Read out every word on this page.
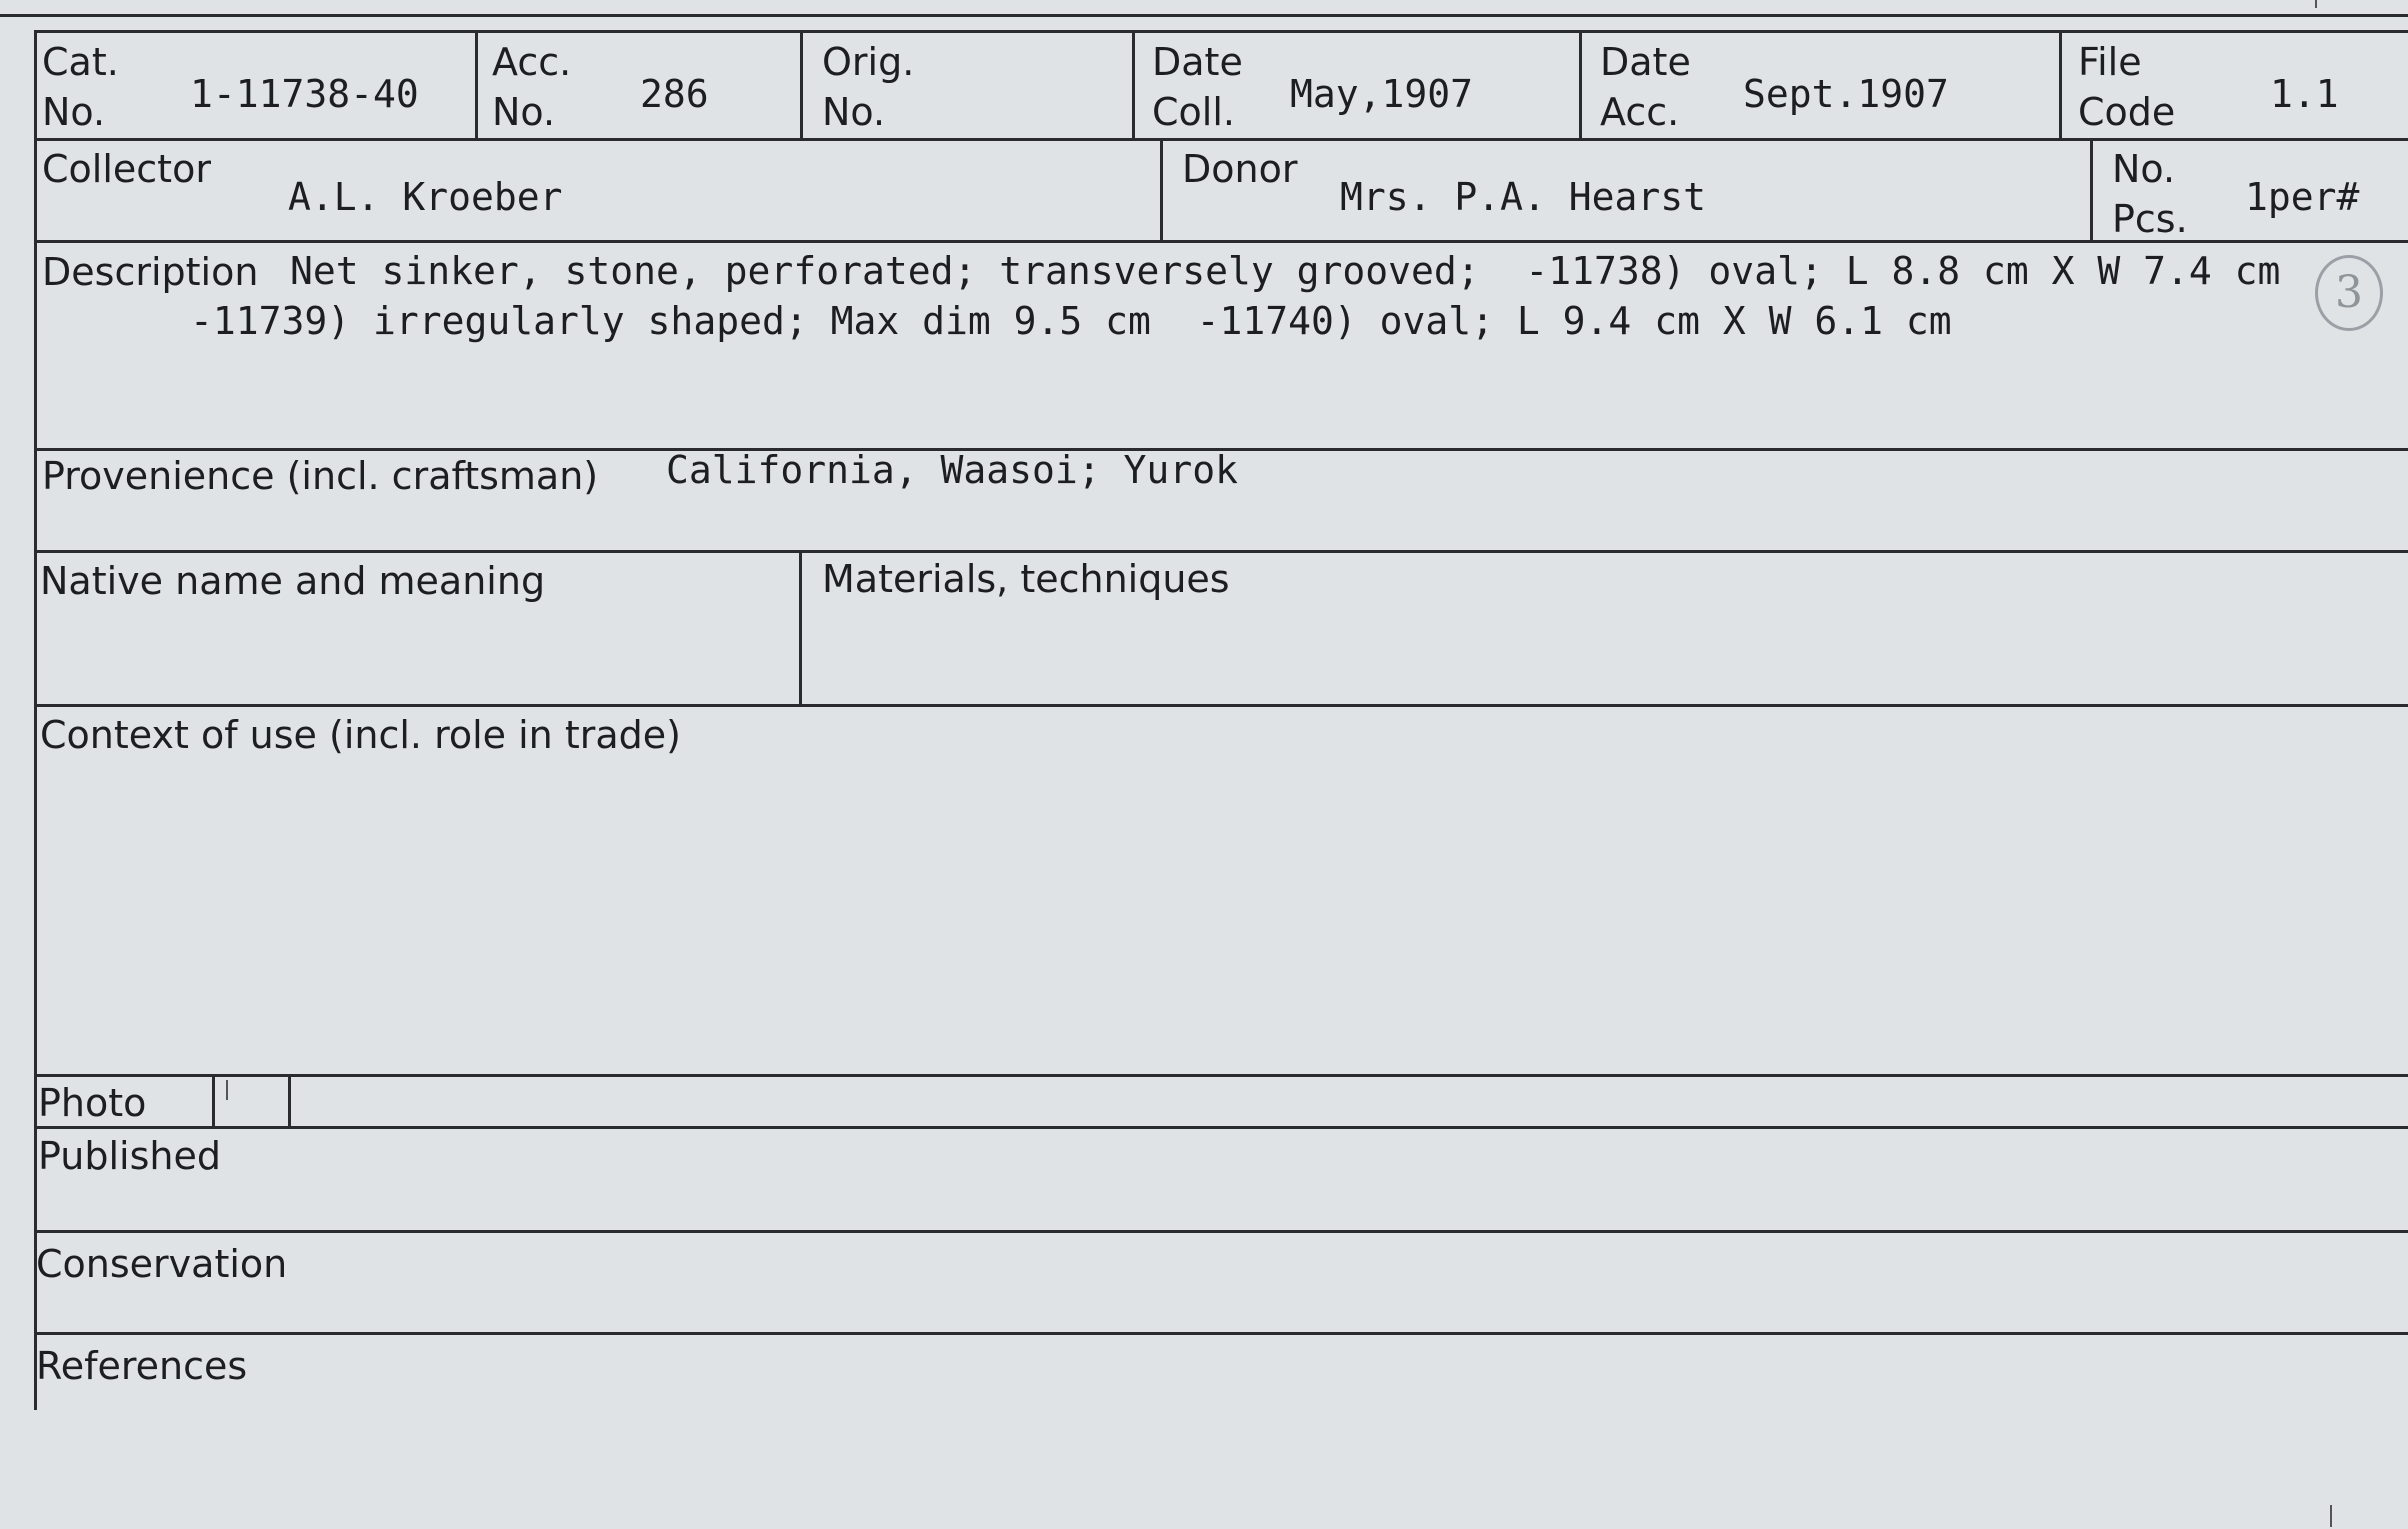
Cat.
No. 1-11738-40
Acc.
No. 286
Orig.
No.
Date
Coll. May,1907
Date
Acc. Sept.1907
File
Code 1.1
Collector
A.L. Kroeber
Donor
Mrs. P.A. Hearst
No.
Pcs. 1per#
Description Net sinker, stone, perforated; transversely grooved;  -11738) oval; L 8.8 cm X W 7.4 cm  -11739) irregularly shaped; Max dim 9.5 cm  -11740) oval; L 9.4 cm X W 6.1 cm
3
Provenience (incl. craftsman) California, Waasoi; Yurok
Native name and meaning	Materials, techniques
Context of use (incl. role in trade)
Photo
Published
Conservation
References
